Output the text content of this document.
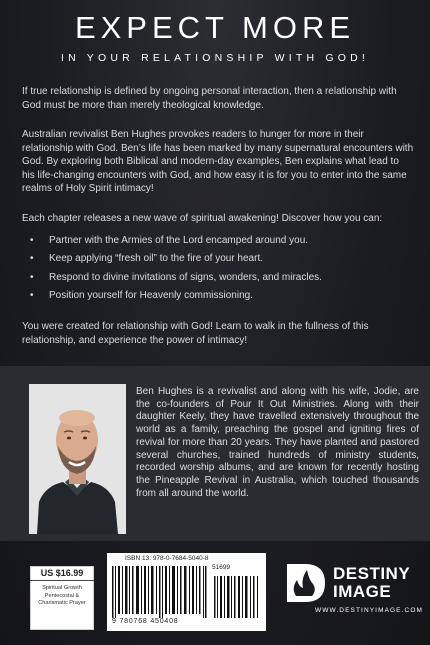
EXPECT MORE
IN YOUR RELATIONSHIP WITH GOD!

If true relationship is defined by ongoing personal interaction, then a relationship with God must be more than merely theological knowledge.

Australian revivalist Ben Hughes provokes readers to hunger for more in their relationship with God. Ben’s life has been marked by many supernatural encounters with God. By exploring both Biblical and modern-day examples, Ben explains what lead to his life-changing encounters with God, and how easy it is for you to enter into the same realms of Holy Spirit intimacy!

Each chapter releases a new wave of spiritual awakening! Discover how you can:

• Partner with the Armies of the Lord encamped around you.
• Keep applying “fresh oil” to the fire of your heart.
• Respond to divine invitations of signs, wonders, and miracles.
• Position yourself for Heavenly commissioning.

You were created for relationship with God! Learn to walk in the fullness of this relationship, and experience the power of intimacy!

Ben Hughes is a revivalist and along with his wife, Jodie, are the co-founders of Pour It Out Ministries. Along with their daughter Keely, they have travelled extensively throughout the world as a family, preaching the gospel and igniting fires of revival for more than 20 years. They have planted and pastored several churches, trained hundreds of ministry students, recorded worship albums, and are known for recently hosting the Pineapple Revival in Australia, which touched thousands from all around the world.

US $16.99
Spiritual Growth Pentecostal & Charismatic Prayer
ISBN 13: 978-0-7684-5040-8
51699
9 780768 450408
DESTINY
IMAGE
WWW.DESTINYIMAGE.COM
